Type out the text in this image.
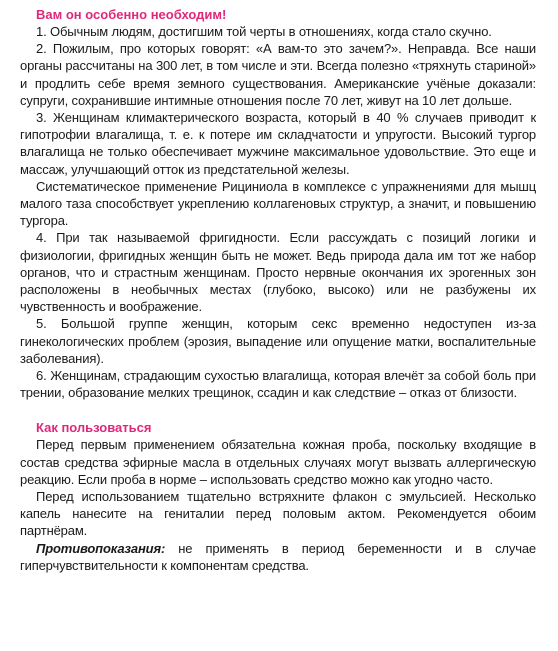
Вам он особенно необходим!

1. Обычным людям, достигшим той черты в отношениях, когда стало скучно.

2. Пожилым, про которых говорят: «А вам-то это зачем?». Неправда. Все наши органы рассчитаны на 300 лет, в том числе и эти. Всегда полезно «тряхнуть стариной» и продлить себе время земного существования. Американские учёные доказали: супруги, сохранившие интимные отношения после 70 лет, живут на 10 лет дольше.

3. Женщинам климактерического возраста, который в 40 % случаев приводит к гипотрофии влагалища, т. е. к потере им складчатости и упругости. Высокий тургор влагалища не только обеспечивает мужчине максимальное удовольствие. Это еще и массаж, улучшающий отток из предстательной железы.

Систематическое применение Рициниола в комплексе с упражнениями для мышц малого таза способствует укреплению коллагеновых структур, а значит, и повышению тургора.

4. При так называемой фригидности. Если рассуждать с позиций логики и физиологии, фригидных женщин быть не может. Ведь природа дала им тот же набор органов, что и страстным женщинам. Просто нервные окончания их эрогенных зон расположены в необычных местах (глубоко, высоко) или не разбужены их чувственность и воображение.

5. Большой группе женщин, которым секс временно недоступен из-за гинекологических проблем (эрозия, выпадение или опущение матки, воспалительные заболевания).

6. Женщинам, страдающим сухостью влагалища, которая влечёт за собой боль при трении, образование мелких трещинок, ссадин и как следствие – отказ от близости.

Как пользоваться

Перед первым применением обязательна кожная проба, поскольку входящие в состав средства эфирные масла в отдельных случаях могут вызвать аллергическую реакцию. Если проба в норме – использовать средство можно как угодно часто.

Перед использованием тщательно встряхните флакон с эмульсией. Несколько капель нанесите на гениталии перед половым актом. Рекомендуется обоим партнёрам.

Противопоказания: не применять в период беременности и в случае гиперчувствительности к компонентам средства.
